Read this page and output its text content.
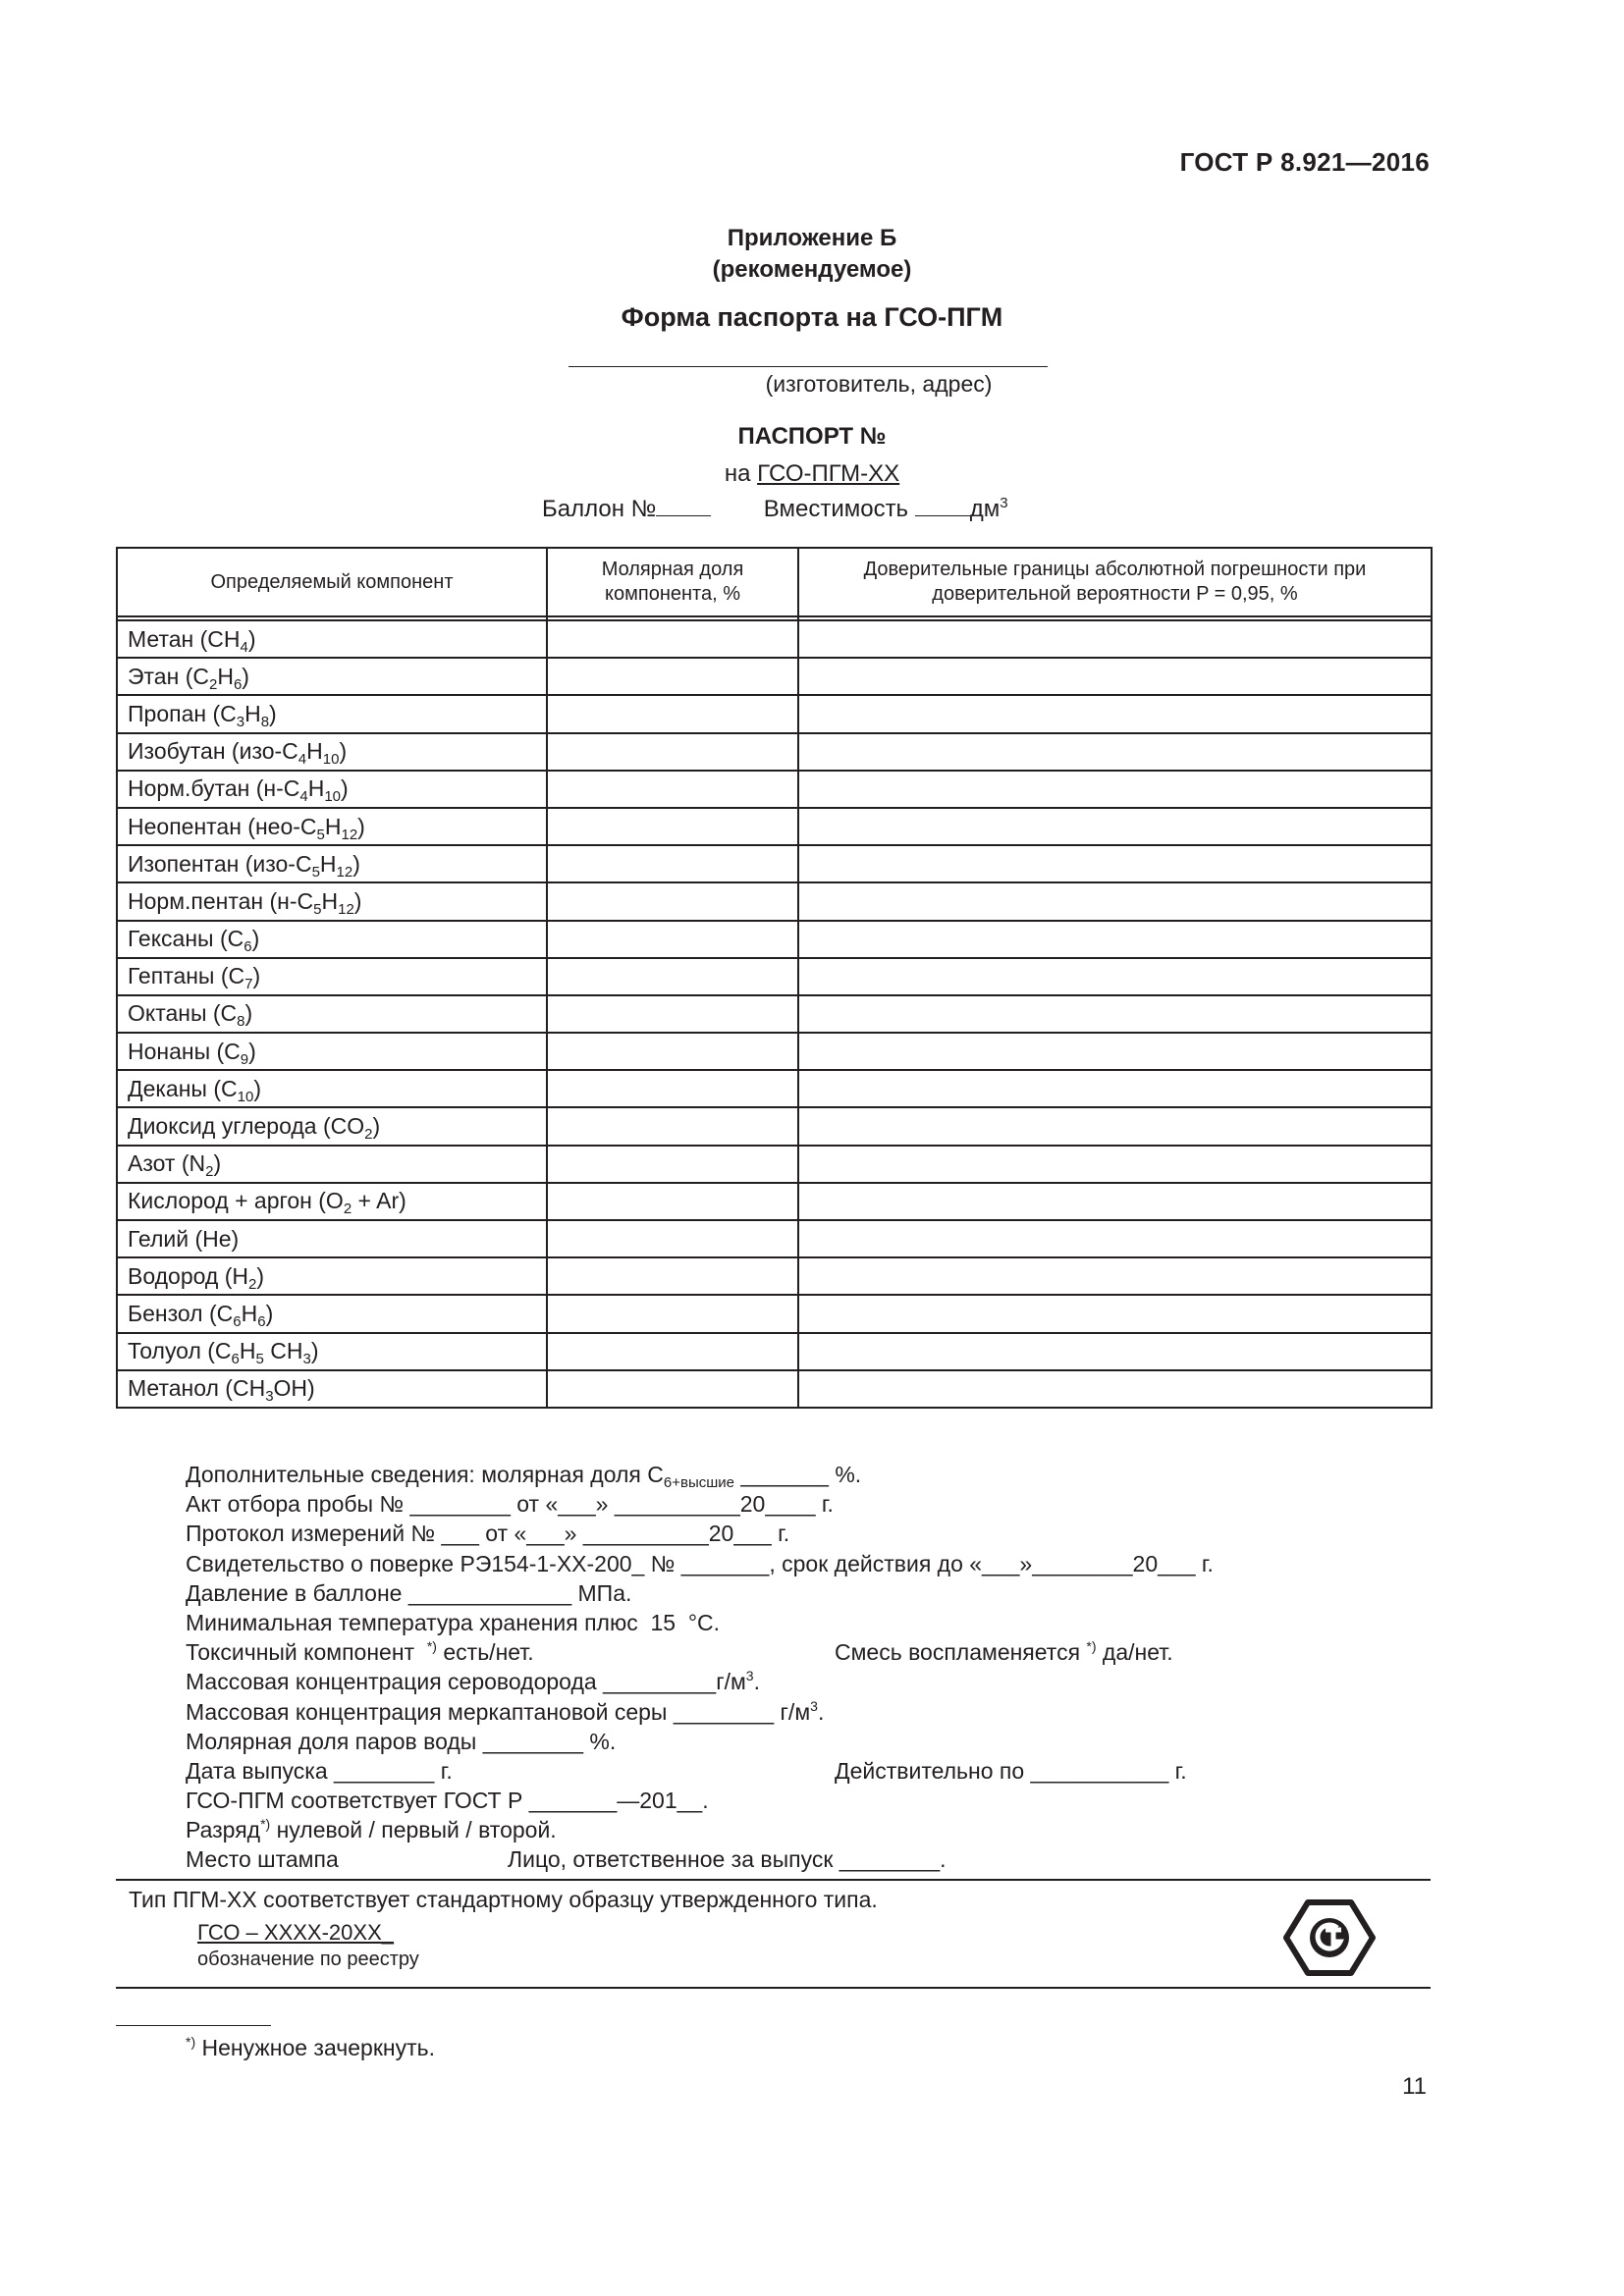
ГОСТ Р 8.921—2016
Приложение Б
(рекомендуемое)
Форма паспорта на ГСО-ПГМ
(изготовитель, адрес)
ПАСПОРТ №
на ГСО-ПГМ-ХХ
Баллон №	Вместимость	$дм^3$
Определяемый компонент	Молярная доля компонента, %	Доверительные границы абсолютной погрешности при доверительной вероятности P = 0,95, %

Метан $(CH_4)$		
Этан $(C_2H_6)$		
Пропан $(C_3H_8)$		
Изобутан $(изо-C_4H_{10})$		
Норм.бутан $(н-C_4H_{10})$		
Неопентан $(нео-C_5H_{12})$		
Изопентан $(изо-C_5H_{12})$		
Норм.пентан $(н-C_5H_{12})$		
Гексаны $(C_6)$		
Гептаны $(C_7)$		
Октаны $(C_8)$		
Нонаны $(C_9)$		
Деканы $(C_{10})$		
Диоксид углерода $(CO_2)$		
Азот $(N_2)$		
Кислород + аргон $(O_2 + Ar)$		
Гелий (He)		
Водород $(H_2)$		
Бензол $(C_6H_6)$		
Толуол ($C_6H_5$ $CH_3$)		
Метанол $(CH_3OH)$		
Дополнительные сведения: молярная доля $C_{6+высшие}$ _______ %.
Акт отбора пробы № ________ от «___» __________20____ г.
Протокол измерений № ___ от «___» __________20___ г.
Свидетельство о поверке РЭ154-1-ХХ-200_ № _______, срок действия до «___»________20___ г.
Давление в баллоне _____________ МПа.
Минимальная температура хранения плюс  15  °С.
Токсичный компонент  *) есть/нет.	Смесь воспламеняется *) да/нет.
Массовая концентрация сероводорода $\_\_\_\_\_\_\_\_\_г/м^3$.
Массовая концентрация меркаптановой серы ________ $г/м^3$.
Молярная доля паров воды ________ %.
Дата выпуска ________ г.	Действительно по ___________ г.
ГСО-ПГМ соответствует ГОСТ Р _______—201__.
Разряд*) нулевой / первый / второй.
Место штампа	Лицо, ответственное за выпуск ________.
Тип ПГМ-ХХ соответствует стандартному образцу утвержденного типа.
ГСО – ХХХХ-20ХХ_
обозначение по реестру
*) Ненужное зачеркнуть.
11
